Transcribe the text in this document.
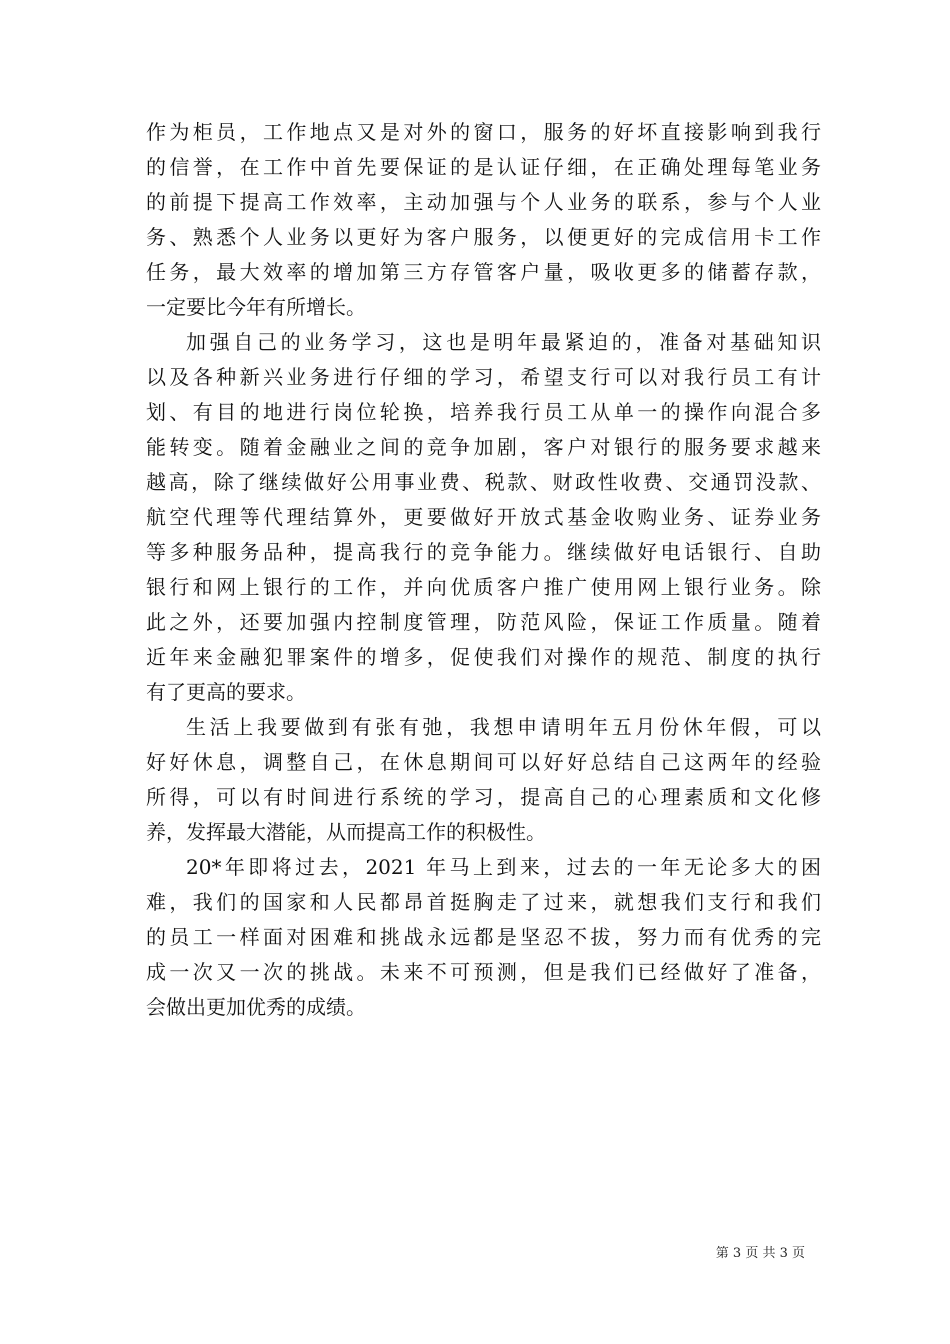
作为柜员，工作地点又是对外的窗口，服务的好坏直接影响到我行
的信誉，在工作中首先要保证的是认证仔细，在正确处理每笔业务
的前提下提高工作效率，主动加强与个人业务的联系，参与个人业
务、熟悉个人业务以更好为客户服务，以便更好的完成信用卡工作
任务，最大效率的增加第三方存管客户量，吸收更多的储蓄存款，
一定要比今年有所增长。
加强自己的业务学习，这也是明年最紧迫的，准备对基础知识
以及各种新兴业务进行仔细的学习，希望支行可以对我行员工有计
划、有目的地进行岗位轮换，培养我行员工从单一的操作向混合多
能转变。随着金融业之间的竞争加剧，客户对银行的服务要求越来
越高，除了继续做好公用事业费、税款、财政性收费、交通罚没款、
航空代理等代理结算外，更要做好开放式基金收购业务、证券业务
等多种服务品种，提高我行的竞争能力。继续做好电话银行、自助
银行和网上银行的工作，并向优质客户推广使用网上银行业务。除
此之外，还要加强内控制度管理，防范风险，保证工作质量。随着
近年来金融犯罪案件的增多，促使我们对操作的规范、制度的执行
有了更高的要求。
生活上我要做到有张有弛，我想申请明年五月份休年假，可以
好好休息，调整自己，在休息期间可以好好总结自己这两年的经验
所得，可以有时间进行系统的学习，提高自己的心理素质和文化修
养，发挥最大潜能，从而提高工作的积极性。
20*年即将过去，2021 年马上到来，过去的一年无论多大的困
难，我们的国家和人民都昂首挺胸走了过来，就想我们支行和我们
的员工一样面对困难和挑战永远都是坚忍不拔，努力而有优秀的完
成一次又一次的挑战。未来不可预测，但是我们已经做好了准备，
会做出更加优秀的成绩。
第 3 页 共 3 页
